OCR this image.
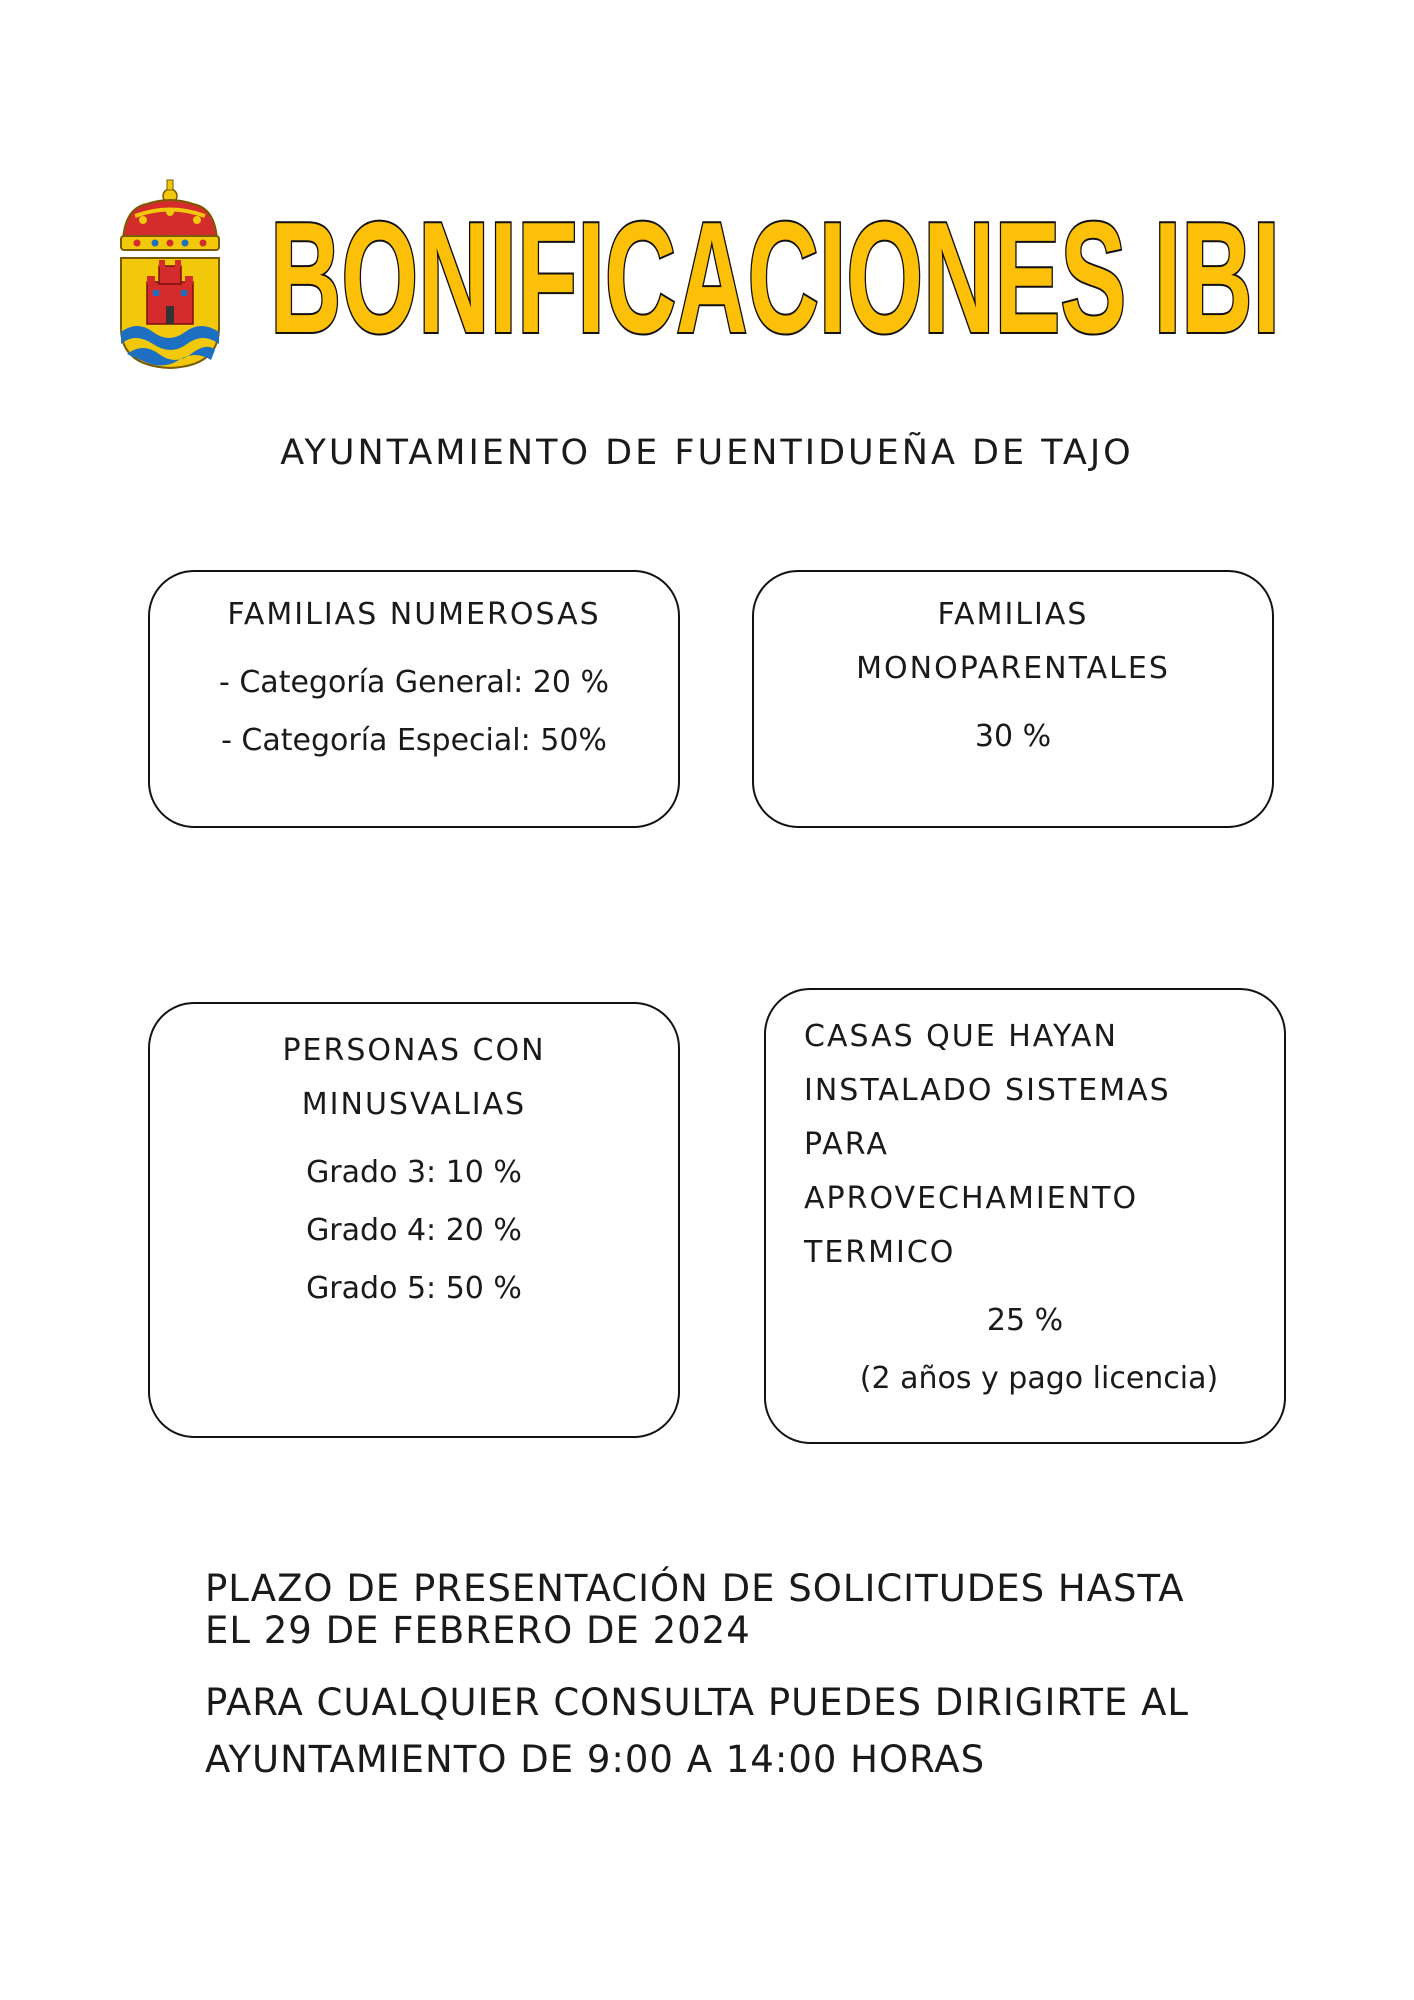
BONIFICACIONES IBI
AYUNTAMIENTO DE FUENTIDUEÑA DE TAJO
FAMILIAS NUMEROSAS
- Categoría General: 20 %
- Categoría Especial: 50%
FAMILIAS
MONOPARENTALES
30 %
PERSONAS CON
MINUSVALIAS
Grado 3: 10 %
Grado 4: 20 %
Grado 5: 50 %
CASAS QUE HAYAN
INSTALADO SISTEMAS
PARA
APROVECHAMIENTO
TERMICO
25 %
(2 años y pago licencia)
PLAZO DE PRESENTACIÓN DE SOLICITUDES HASTA
EL 29 DE FEBRERO DE 2024
PARA CUALQUIER CONSULTA PUEDES DIRIGIRTE AL
AYUNTAMIENTO DE 9:00 A 14:00 HORAS
